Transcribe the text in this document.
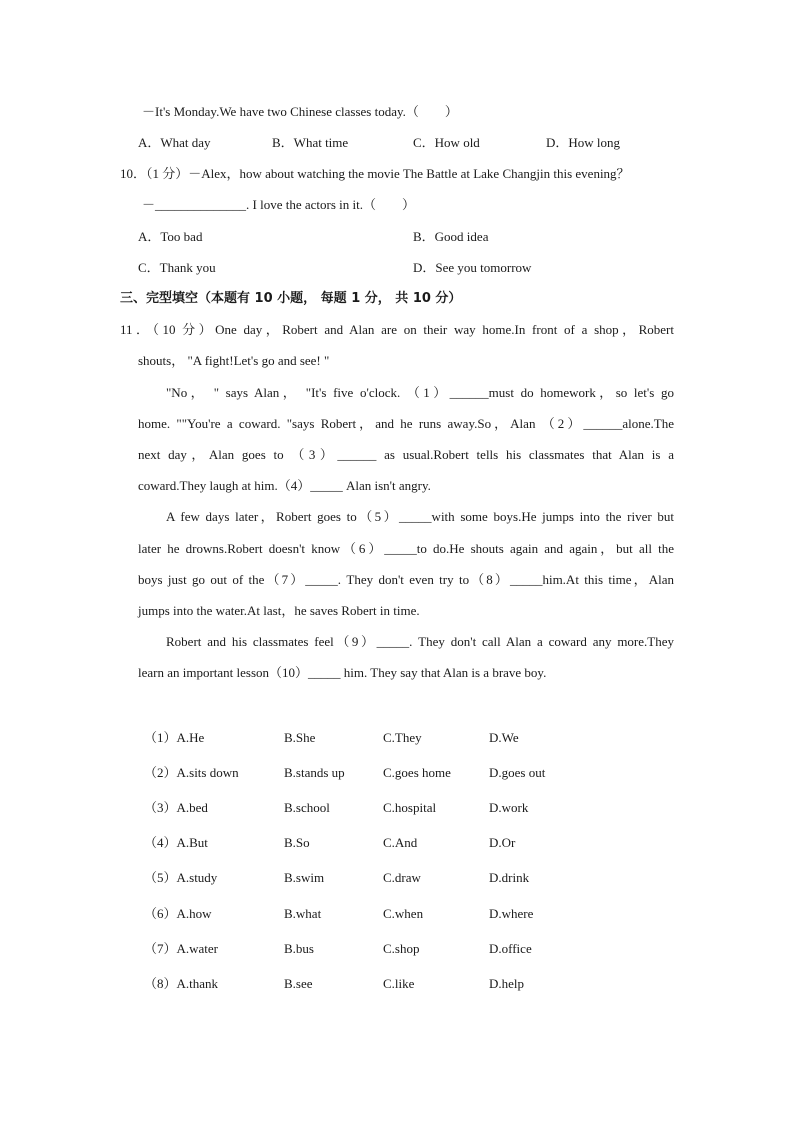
－It's Monday.We have two Chinese classes today.（　　）
A．What day	B．What time	C．How old	D．How long
10．（1 分）－Alex，how about watching the movie The Battle at Lake Changjin this evening？
－______________. I love the actors in it.（　　）
A．Too bad	B．Good idea
C．Thank you	D．See you tomorrow
三、完型填空（本题有 10 小题， 每题 1 分， 共 10 分）
11．（10 分）One day，Robert and Alan are on their way home.In front of a shop，Robert
shouts， "A fight!Let's go and see! "
"No， " says Alan， "It's five o'clock. （1）______must do homework，so let's go
home. ""You're a coward. "says Robert，and he runs away.So，Alan （2）______alone.The
next day，Alan goes to （3）______ as usual.Robert tells his classmates that Alan is a
coward.They laugh at him.（4）_____ Alan isn't angry.
A few days later，Robert goes to（5）_____with some boys.He jumps into the river but
later he drowns.Robert doesn't know（6）_____to do.He shouts again and again，but all the
boys just go out of the（7）_____. They don't even try to（8）_____him.At this time，Alan
jumps into the water.At last，he saves Robert in time.
Robert and his classmates feel（9）_____. They don't call Alan a coward any more.They
learn an important lesson（10）_____ him. They say that Alan is a brave boy.
（1）A.He	B.She	C.They	D.We
（2）A.sits down	B.stands up	C.goes home	D.goes out
（3）A.bed	B.school	C.hospital	D.work
（4）A.But	B.So	C.And	D.Or
（5）A.study	B.swim	C.draw	D.drink
（6）A.how	B.what	C.when	D.where
（7）A.water	B.bus	C.shop	D.office
（8）A.thank	B.see	C.like	D.help
